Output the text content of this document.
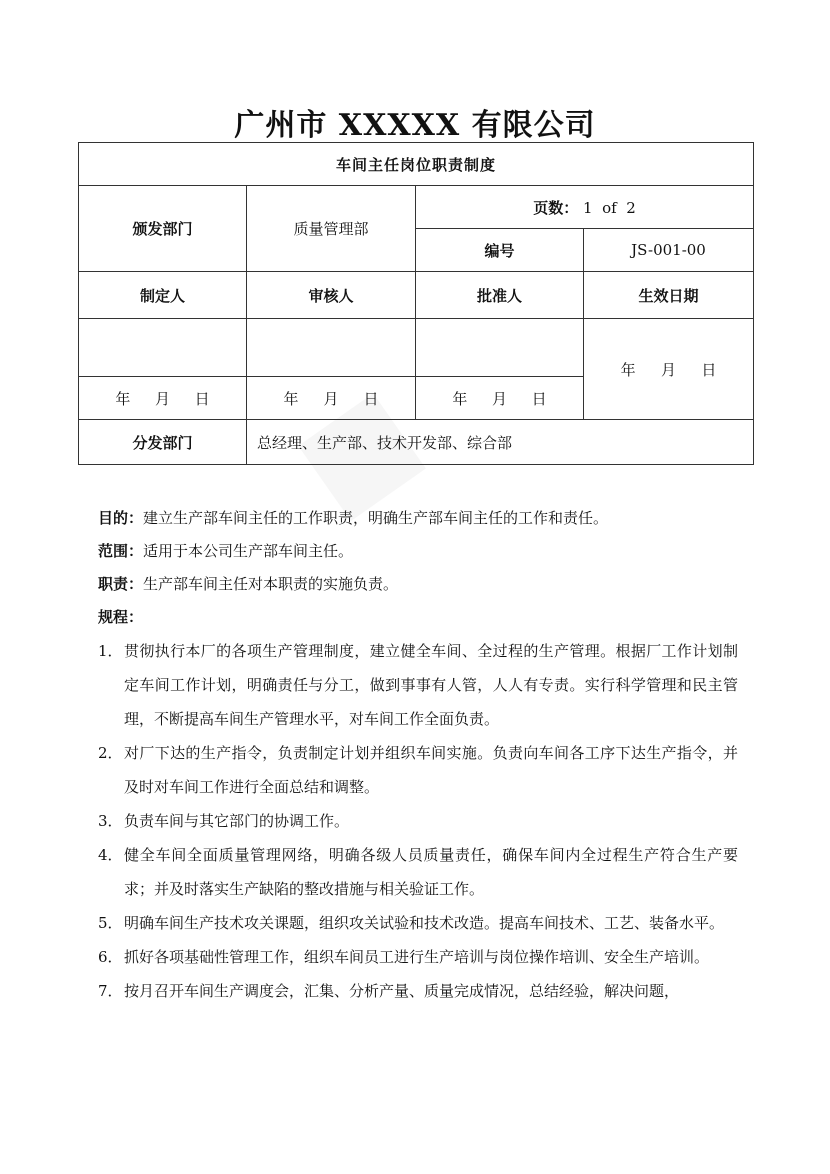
广州市 XXXXX 有限公司
车间主任岗位职责制度			
颁发部门	质量管理部	页数： 1  of  2	
		编号	JS-001-00
制定人	审核人	批准人	生效日期

			年 月 日

年 月 日	年 月 日	年 月 日	

分发部门	总经理、生产部、技术开发部、综合部		
目的：建立生产部车间主任的工作职责，明确生产部车间主任的工作和责任。
范围：适用于本公司生产部车间主任。
职责：生产部车间主任对本职责的实施负责。
规程：
1． 贯彻执行本厂的各项生产管理制度，建立健全车间、全过程的生产管理。根据厂工作计划制定车间工作计划，明确责任与分工，做到事事有人管，人人有专责。实行科学管理和民主管理，不断提高车间生产管理水平，对车间工作全面负责。
2． 对厂下达的生产指令，负责制定计划并组织车间实施。负责向车间各工序下达生产指令，并及时对车间工作进行全面总结和调整。
3． 负责车间与其它部门的协调工作。
4． 健全车间全面质量管理网络，明确各级人员质量责任，确保车间内全过程生产符合生产要求；并及时落实生产缺陷的整改措施与相关验证工作。
5． 明确车间生产技术攻关课题，组织攻关试验和技术改造。提高车间技术、工艺、装备水平。
6． 抓好各项基础性管理工作，组织车间员工进行生产培训与岗位操作培训、安全生产培训。
7． 按月召开车间生产调度会，汇集、分析产量、质量完成情况，总结经验，解决问题，
